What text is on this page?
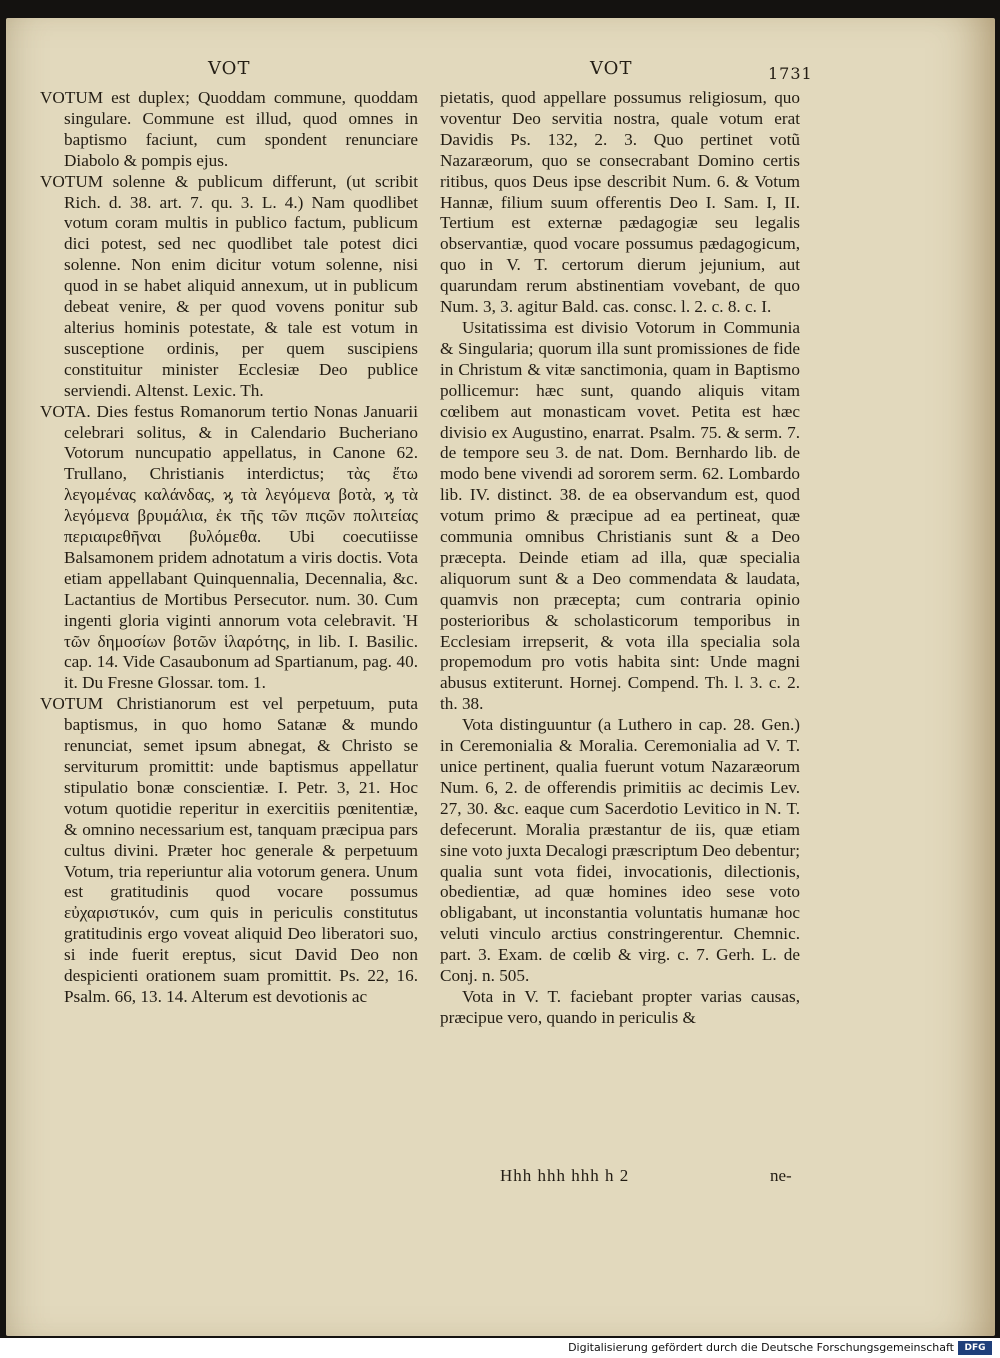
VOT	VOT	1731

VOTUM est duplex; Quoddam commune, quoddam singulare. Commune est illud, quod omnes in baptismo faciunt, cum spondent renunciare Diabolo & pompis ejus.

VOTUM solenne & publicum differunt, (ut scribit Rich. d. 38. art. 7. qu. 3. L. 4.) Nam quodlibet votum coram multis in publico factum, publicum dici potest, sed nec quodlibet tale potest dici solenne. Non enim dicitur votum solenne, nisi quod in se habet aliquid annexum, ut in publicum debeat venire, & per quod vovens ponitur sub alterius hominis potestate, & tale est votum in susceptione ordinis, per quem suscipiens constituitur minister Ecclesiæ Deo publice serviendi. Altenst. Lexic. Th.

VOTA. Dies festus Romanorum tertio Nonas Januarii celebrari solitus, & in Calendario Bucheriano Votorum nuncupatio appellatus, in Canone 62. Trullano, Christianis interdictus; τὰς ἔτω λεγομένας καλάνδας, ϗ τὰ λεγόμενα βοτὰ, ϗ τὰ λεγόμενα βρυμάλια, ἐκ τῆς τῶν πιςῶν πολιτείας περιαιρεθῆναι βυλόμεθα. Ubi coecutiisse Balsamonem pridem adnotatum a viris doctis. Vota etiam appellabant Quinquennalia, Decennalia, &c. Lactantius de Mortibus Persecutor. num. 30. Cum ingenti gloria viginti annorum vota celebravit. Ἡ τῶν δημοσίων βοτῶν ἱλαρότης, in lib. I. Basilic. cap. 14. Vide Casaubonum ad Spartianum, pag. 40. it. Du Fresne Glossar. tom. 1.

VOTUM Christianorum est vel perpetuum, puta baptismus, in quo homo Satanæ & mundo renunciat, semet ipsum abnegat, & Christo se serviturum promittit: unde baptismus appellatur stipulatio bonæ conscientiæ. I. Petr. 3, 21. Hoc votum quotidie reperitur in exercitiis pœnitentiæ, & omnino necessarium est, tanquam præcipua pars cultus divini. Præter hoc generale & perpetuum Votum, tria reperiuntur alia votorum genera. Unum est gratitudinis quod vocare possumus εὐχαριστικόν, cum quis in periculis constitutus gratitudinis ergo voveat aliquid Deo liberatori suo, si inde fuerit ereptus, sicut David Deo non despicienti orationem suam promittit. Ps. 22, 16. Psalm. 66, 13. 14. Alterum est devotionis ac

pietatis, quod appellare possumus religiosum, quo voventur Deo servitia nostra, quale votum erat Davidis Ps. 132, 2. 3. Quo pertinet votũ Nazaræorum, quo se consecrabant Domino certis ritibus, quos Deus ipse describit Num. 6. & Votum Hannæ, filium suum offerentis Deo I. Sam. I, II. Tertium est externæ pædagogiæ seu legalis observantiæ, quod vocare possumus pædagogicum, quo in V. T. certorum dierum jejunium, aut quarundam rerum abstinentiam vovebant, de quo Num. 3, 3. agitur Bald. cas. consc. l. 2. c. 8. c. I.

Usitatissima est divisio Votorum in Communia & Singularia; quorum illa sunt promissiones de fide in Christum & vitæ sanctimonia, quam in Baptismo pollicemur: hæc sunt, quando aliquis vitam cœlibem aut monasticam vovet. Petita est hæc divisio ex Augustino, enarrat. Psalm. 75. & serm. 7. de tempore seu 3. de nat. Dom. Bernhardo lib. de modo bene vivendi ad sororem serm. 62. Lombardo lib. IV. distinct. 38. de ea observandum est, quod votum primo & præcipue ad ea pertineat, quæ communia omnibus Christianis sunt & a Deo præcepta. Deinde etiam ad illa, quæ specialia aliquorum sunt & a Deo commendata & laudata, quamvis non præcepta; cum contraria opinio posterioribus & scholasticorum temporibus in Ecclesiam irrepserit, & vota illa specialia sola propemodum pro votis habita sint: Unde magni abusus extiterunt. Hornej. Compend. Th. l. 3. c. 2. th. 38.

Vota distinguuntur (a Luthero in cap. 28. Gen.) in Ceremonialia & Moralia. Ceremonialia ad V. T. unice pertinent, qualia fuerunt votum Nazaræorum Num. 6, 2. de offerendis primitiis ac decimis Lev. 27, 30. &c. eaque cum Sacerdotio Levitico in N. T. defecerunt. Moralia præstantur de iis, quæ etiam sine voto juxta Decalogi præscriptum Deo debentur; qualia sunt vota fidei, invocationis, dilectionis, obedientiæ, ad quæ homines ideo sese voto obligabant, ut inconstantia voluntatis humanæ hoc veluti vinculo arctius constringerentur. Chemnic. part. 3. Exam. de cœlib & virg. c. 7. Gerh. L. de Conj. n. 505.

Vota in V. T. faciebant propter varias causas, præcipue vero, quando in periculis &

Hhh hhh hhh h 2	ne-
Digitalisierung gefördert durch die Deutsche Forschungsgemeinschaft	DFG
